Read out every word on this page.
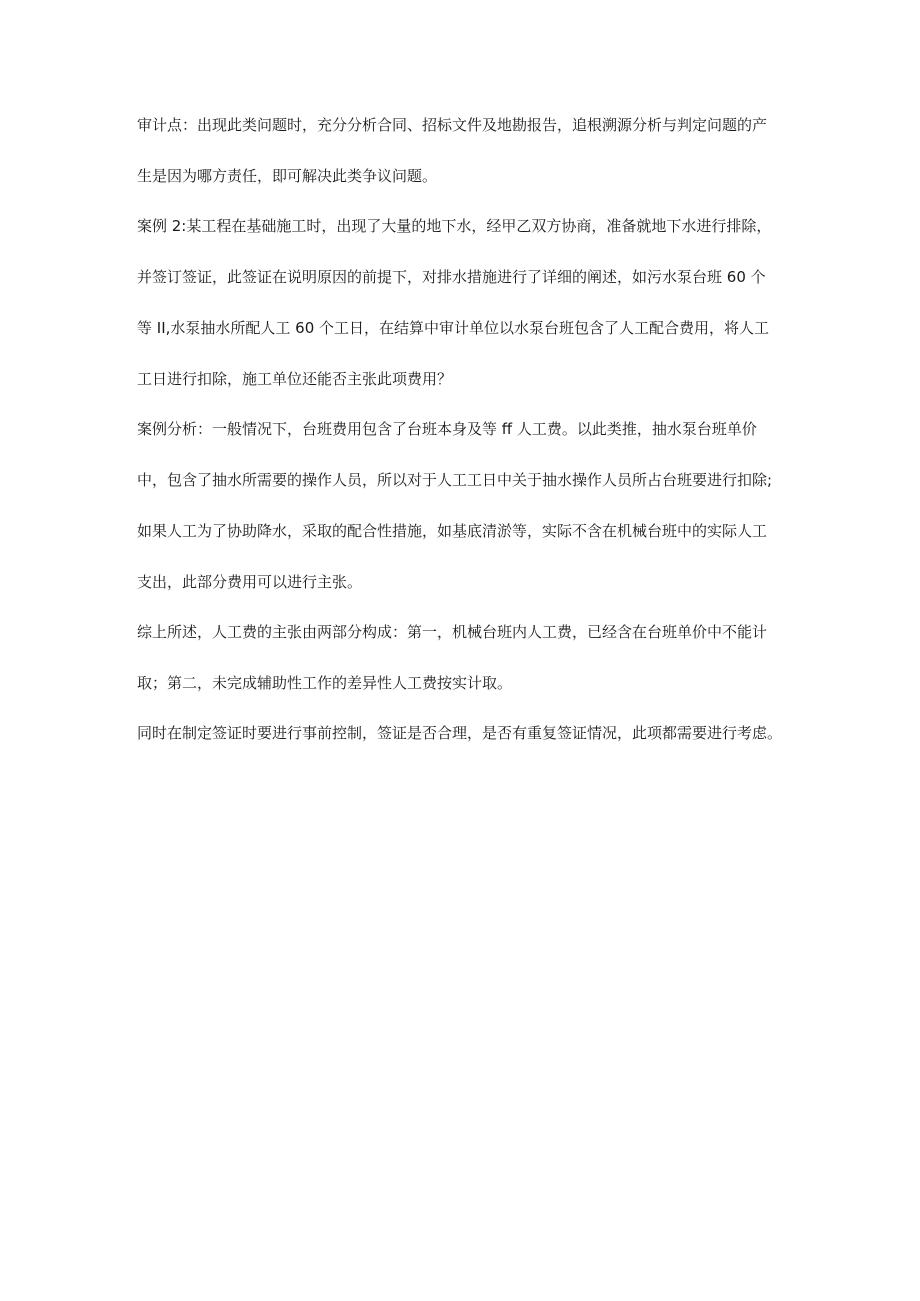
审计点：出现此类问题时，充分分析合同、招标文件及地勘报告，追根溯源分析与判定问题的产
生是因为哪方责任，即可解决此类争议问题。

案例 2:某工程在基础施工时，出现了大量的地下水，经甲乙双方协商，准备就地下水进行排除，
并签订签证，此签证在说明原因的前提下，对排水措施进行了详细的阐述，如污水泵台班 60 个
等 II,水泵抽水所配人工 60 个工日，在结算中审计单位以水泵台班包含了人工配合费用，将人工
工日进行扣除，施工单位还能否主张此项费用？

案例分析：一般情况下，台班费用包含了台班本身及等 ff 人工费。以此类推，抽水泵台班单价
中，包含了抽水所需要的操作人员，所以对于人工工日中关于抽水操作人员所占台班要进行扣除;
如果人工为了协助降水，采取的配合性措施，如基底清淤等，实际不含在机械台班中的实际人工
支出，此部分费用可以进行主张。

综上所述，人工费的主张由两部分构成：第一，机械台班内人工费，已经含在台班单价中不能计
取；第二，未完成辅助性工作的差异性人工费按实计取。

同时在制定签证时要进行事前控制，签证是否合理，是否有重复签证情况，此项都需要进行考虑。
